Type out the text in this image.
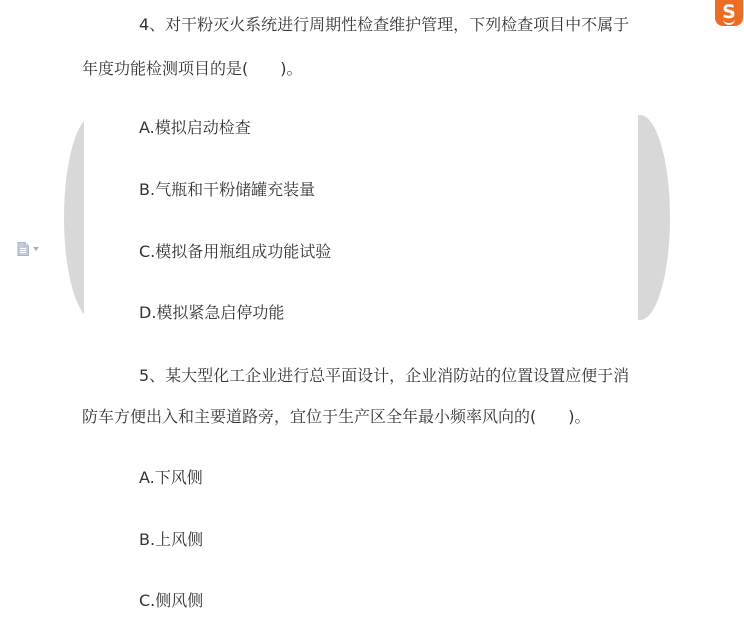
4、对干粉灭火系统进行周期性检查维护管理，下列检查项目中不属于
年度功能检测项目的是(　　)。
A.模拟启动检查
B.气瓶和干粉储罐充装量
C.模拟备用瓶组成功能试验
D.模拟紧急启停功能
5、某大型化工企业进行总平面设计，企业消防站的位置设置应便于消
防车方便出入和主要道路旁，宜位于生产区全年最小频率风向的(　　)。
A.下风侧
B.上风侧
C.侧风侧
S
